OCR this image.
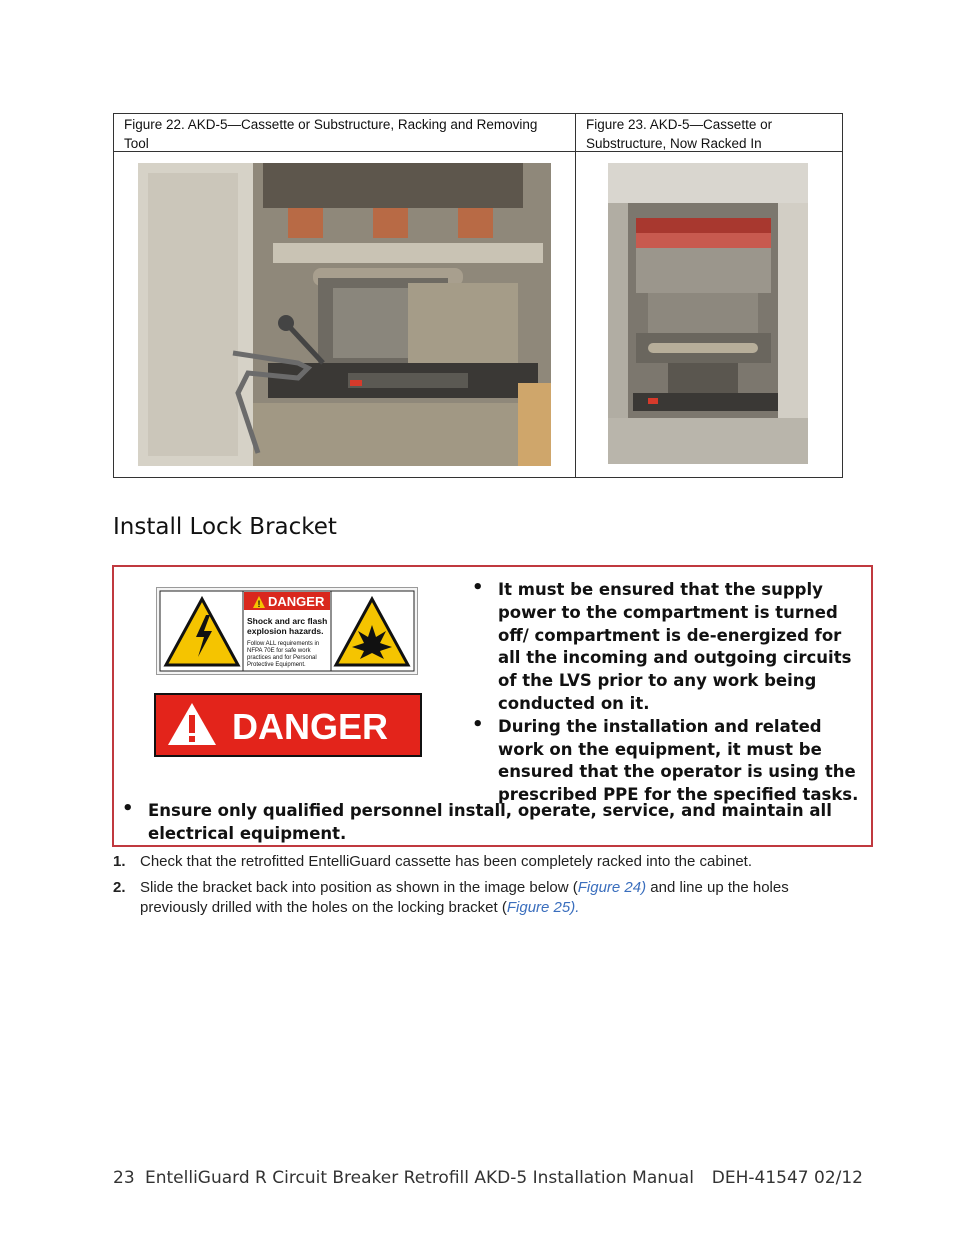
Figure 22. AKD-5—Cassette or Substructure, Racking and Removing Tool
Figure 23. AKD-5—Cassette or Substructure, Now Racked In
Install Lock Bracket
! DANGER
Shock and arc flash
explosion hazards.
Follow ALL requirements in
NFPA 70E for safe work
practices and for Personal
Protective Equipment.
DANGER
• It must be ensured that the supply power to the compartment is turned off/ compartment is de-energized for all the incoming and outgoing circuits of the LVS prior to any work being conducted on it.
• During the installation and related work on the equipment, it must be ensured that the operator is using the prescribed PPE for the specified tasks.
• Ensure only qualified personnel install, operate, service, and maintain all electrical equipment.
1. Check that the retrofitted EntelliGuard cassette has been completely racked into the cabinet.
2. Slide the bracket back into position as shown in the image below (Figure 24) and line up the holes previously drilled with the holes on the locking bracket (Figure 25).
23 EntelliGuard R Circuit Breaker Retrofill AKD-5 Installation Manual DEH-41547 02/12
